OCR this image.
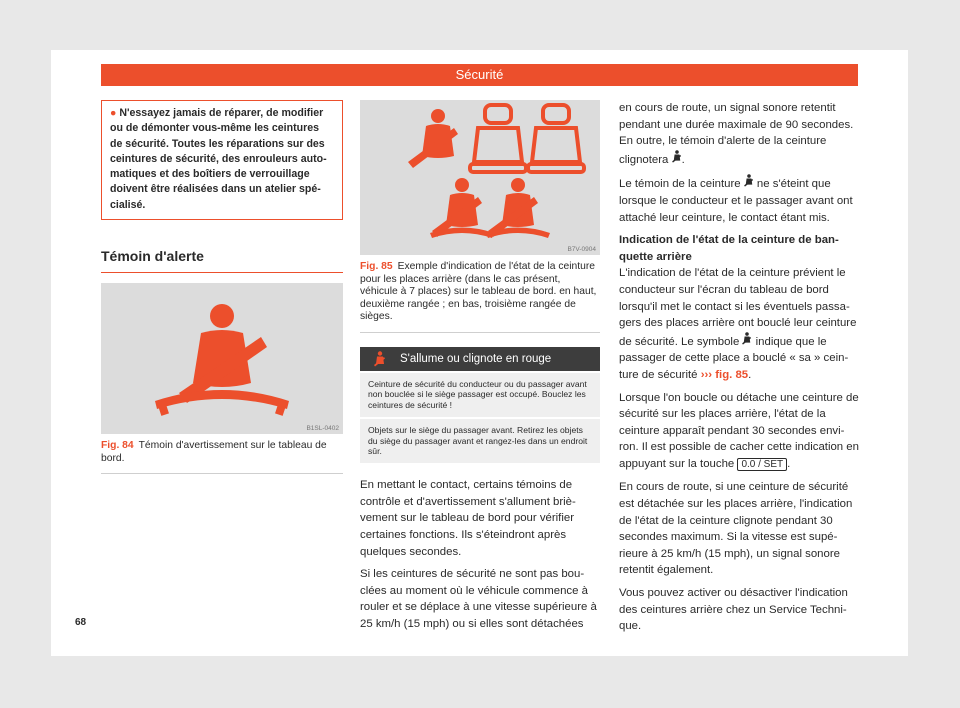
Sécurité
● N'essayez jamais de réparer, de modifier ou de démonter vous-même les ceintures de sécurité. Toutes les réparations sur des ceintures de sécurité, des enrouleurs automatiques et des boîtiers de verrouillage doivent être réalisées dans un atelier spécialisé.
Témoin d'alerte
B1SL-0402
Fig. 84 Témoin d'avertissement sur le tableau de bord.
B7V-0904
Fig. 85 Exemple d'indication de l'état de la ceinture pour les places arrière (dans le cas présent, véhicule à 7 places) sur le tableau de bord. en haut, deuxième rangée ; en bas, troisième rangée de sièges.
S'allume ou clignote en rouge
Ceinture de sécurité du conducteur ou du passager avant non bouclée si le siège passager est occupé. Bouclez les ceintures de sécurité !
Objets sur le siège du passager avant. Retirez les objets du siège du passager avant et rangez-les dans un endroit sûr.

En mettant le contact, certains témoins de contrôle et d'avertissement s'allument brièvement sur le tableau de bord pour vérifier certaines fonctions. Ils s'éteindront après quelques secondes.

Si les ceintures de sécurité ne sont pas bouclées au moment où le véhicule commence à rouler et se déplace à une vitesse supérieure à 25 km/h (15 mph) ou si elles sont détachées

en cours de route, un signal sonore retentit pendant une durée maximale de 90 secondes. En outre, le témoin d'alerte de la ceinture clignotera .

Le témoin de la ceinture ne s'éteint que lorsque le conducteur et le passager avant ont attaché leur ceinture, le contact étant mis.

Indication de l'état de la ceinture de banquette arrière

L'indication de l'état de la ceinture prévient le conducteur sur l'écran du tableau de bord lorsqu'il met le contact si les éventuels passagers des places arrière ont bouclé leur ceinture de sécurité. Le symbole indique que le passager de cette place a bouclé « sa » ceinture de sécurité ››› fig. 85.

Lorsque l'on boucle ou détache une ceinture de sécurité sur les places arrière, l'état de la ceinture apparaît pendant 30 secondes environ. Il est possible de cacher cette indication en appuyant sur la touche 0.0 / SET .

En cours de route, si une ceinture de sécurité est détachée sur les places arrière, l'indication de l'état de la ceinture clignote pendant 30 secondes maximum. Si la vitesse est supérieure à 25 km/h (15 mph), un signal sonore retentit également.

Vous pouvez activer ou désactiver l'indication des ceintures arrière chez un Service Technique.

68
